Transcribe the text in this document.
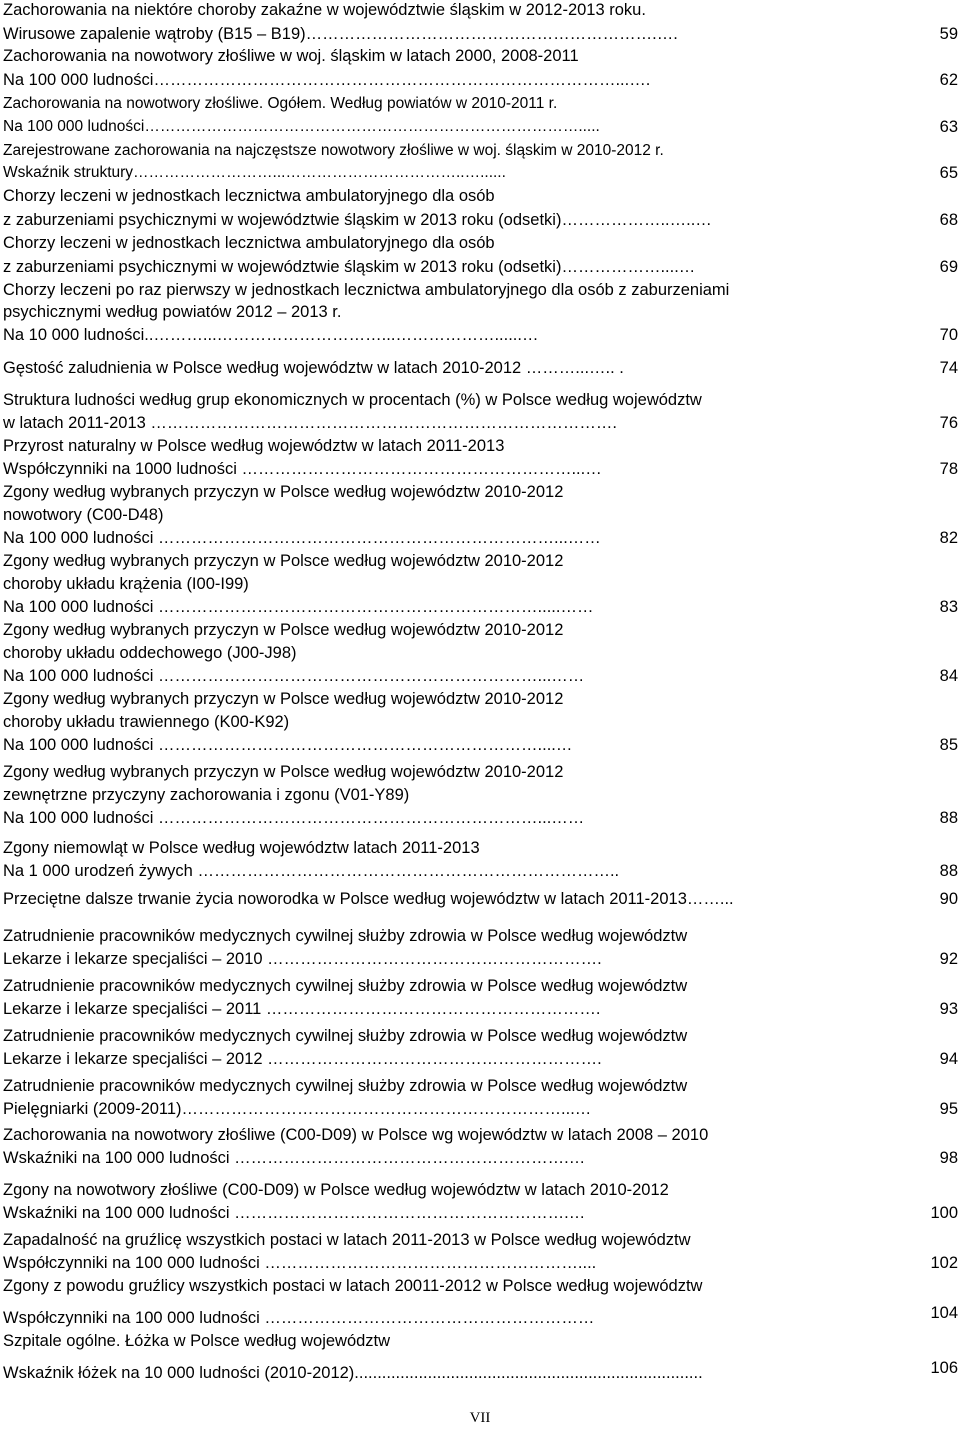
Zachorowania na niektóre choroby zakaźne w województwie śląskim w 2012-2013 roku.
Wirusowe zapalenie wątroby (B15 – B19)……………………………………………………….….
Zachorowania na nowotwory złośliwe w woj. śląskim w latach 2000, 2008-2011
Na 100 000 ludności…………………………………………………………………………...….
Zachorowania na nowotwory złośliwe. Ogółem. Według powiatów w 2010-2011 r.
Na 100 000 ludności………………………………………………………………………….....
Zarejestrowane zachorowania na najczęstsze nowotwory złośliwe w woj. śląskim w 2010-2012 r.
Wskaźnik struktury………………………...……………………………..…......
Chorzy leczeni w jednostkach lecznictwa ambulatoryjnego dla osób
z zaburzeniami psychicznymi w województwie śląskim w 2013 roku (odsetki)………………..…..…
Chorzy leczeni w jednostkach lecznictwa ambulatoryjnego dla osób
z zaburzeniami psychicznymi w województwie śląskim w 2013 roku (odsetki)………………....…
Chorzy leczeni po raz pierwszy w jednostkach lecznictwa ambulatoryjnego dla osób z zaburzeniami
psychicznymi według powiatów 2012 – 2013 r.
Na 10 000 ludności..………...…………………………...………………......…
Gęstość zaludnienia w Polsce według województw w latach 2010-2012 ………...….. .
Struktura ludności według grup ekonomicznych w procentach (%) w Polsce według województw
w latach 2011-2013 ………………………………………………………………………….
Przyrost naturalny w Polsce według województw w latach 2011-2013
Współczynniki na 1000 ludności ……………………………………………………...…
Zgony według wybranych przyczyn w Polsce według województw 2010-2012
nowotwory (C00-D48)
Na 100 000 ludności ………………………………………………………………...……
Zgony według wybranych przyczyn w Polsce według województw 2010-2012
choroby układu krążenia (I00-I99)
Na 100 000 ludności …………………………………………………………….....……
Zgony według wybranych przyczyn w Polsce według województw 2010-2012
choroby układu oddechowego (J00-J98)
Na 100 000 ludności ……………………………………………………………...……
Zgony według wybranych przyczyn w Polsce według województw 2010-2012
choroby układu trawiennego (K00-K92)
Na 100 000 ludności ……………………………………………………………....…
Zgony według wybranych przyczyn w Polsce według województw 2010-2012
zewnętrzne przyczyny zachorowania i zgonu (V01-Y89)
Na 100 000 ludności ……………………………………………………………...……
Zgony niemowląt w Polsce według województw latach 2011-2013
Na 1 000 urodzeń żywych …………………………………………………………………..
Przeciętne dalsze trwanie życia noworodka w Polsce według województw w latach 2011-2013……...
Zatrudnienie pracowników medycznych cywilnej służby zdrowia w Polsce według województw
Lekarze i lekarze specjaliści – 2010 …………………………………………………….
Zatrudnienie pracowników medycznych cywilnej służby zdrowia w Polsce według województw
Lekarze i lekarze specjaliści – 2011 …………………………………………………….
Zatrudnienie pracowników medycznych cywilnej służby zdrowia w Polsce według województw
Lekarze i lekarze specjaliści – 2012 …………………………………………………….
Zatrudnienie pracowników medycznych cywilnej służby zdrowia w Polsce według województw
Pielęgniarki (2009-2011)……………………………………………………………...…
Zachorowania na nowotwory złośliwe (C00-D09) w Polsce wg województw w latach 2008 – 2010
Wskaźniki na 100 000 ludności …………………………………………………….…
Zgony na nowotwory złośliwe (C00-D09) w Polsce według województw w latach 2010-2012
Wskaźniki na 100 000 ludności …………………………………………………….…
Zapadalność na gruźlicę wszystkich postaci w latach 2011-2013 w Polsce według województw
Współczynniki na 100 000 ludności …………………………………………………....
Zgony z powodu gruźlicy wszystkich postaci w latach 20011-2012 w Polsce według województw
Współczynniki na 100 000 ludności ……………………………………………………
Szpitale ogólne. Łóżka w Polsce według województw
Wskaźnik łóżek na 10 000 ludności (2010-2012)............................................................................
59
62
63
65
68
69
70
74
76
78
82
83
84
85
88
88
90
92
93
94
95
98
100
102
104
106
VII
